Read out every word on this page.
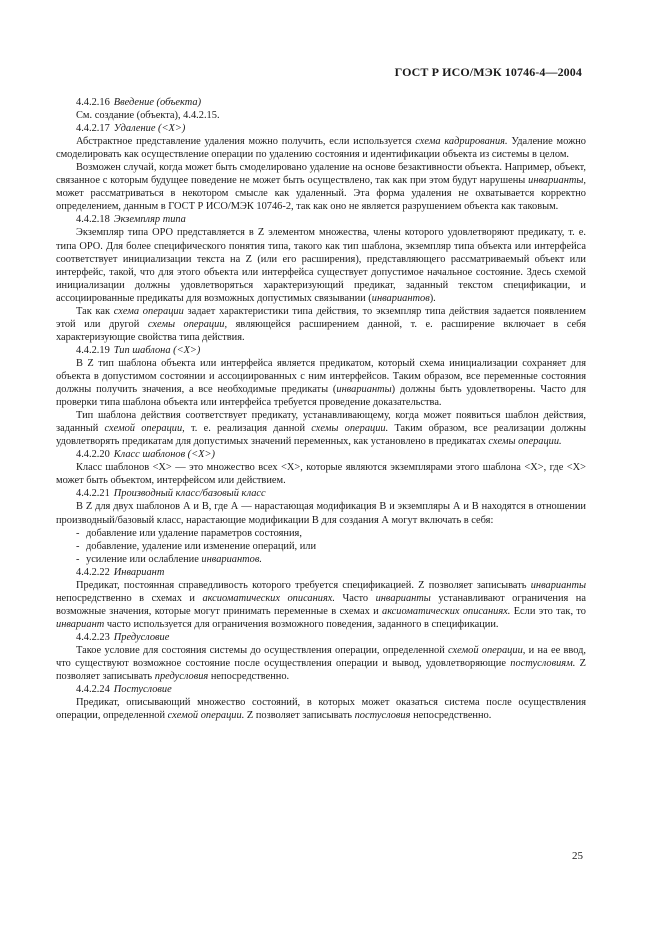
ГОСТ Р ИСО/МЭК 10746-4—2004

4.4.2.16 Введение (объекта)

См. создание (объекта), 4.4.2.15.

4.4.2.17 Удаление (<X>)

Абстрактное представление удаления можно получить, если используется схема кадрирования. Удаление можно смоделировать как осуществление операции по удалению состояния и идентификации объекта из системы в целом.

Возможен случай, когда может быть смоделировано удаление на основе безактивности объекта. Например, объект, связанное с которым будущее поведение не может быть осуществлено, так как при этом будут нарушены инварианты, может рассматриваться в некотором смысле как удаленный. Эта форма удаления не охватывается корректно определением, данным в ГОСТ Р ИСО/МЭК 10746-2, так как оно не является разрушением объекта как таковым.

4.4.2.18 Экземпляр типа

Экземпляр типа ОРО представляется в Z элементом множества, члены которого удовлетворяют предикату, т. е. типа ОРО. Для более специфического понятия типа, такого как тип шаблона, экземпляр типа объекта или интерфейса соответствует инициализации текста на Z (или его расширения), представляющего рассматриваемый объект или интерфейс, такой, что для этого объекта или интерфейса существует допустимое начальное состояние. Здесь схемой инициализации должны удовлетворяться характеризующий предикат, заданный текстом спецификации, и ассоциированные предикаты для возможных допустимых связывании (инвариантов).

Так как схема операции задает характеристики типа действия, то экземпляр типа действия задается появлением этой или другой схемы операции, являющейся расширением данной, т. е. расширение включает в себя характеризующие свойства типа действия.

4.4.2.19 Тип шаблона (<X>)

В Z тип шаблона объекта или интерфейса является предикатом, который схема инициализации сохраняет для объекта в допустимом состоянии и ассоциированных с ним интерфейсов. Таким образом, все переменные состояния должны получить значения, а все необходимые предикаты (инварианты) должны быть удовлетворены. Часто для проверки типа шаблона объекта или интерфейса требуется проведение доказательства.

Тип шаблона действия соответствует предикату, устанавливающему, когда может появиться шаблон действия, заданный схемой операции, т. е. реализация данной схемы операции. Таким образом, все реализации должны удовлетворять предикатам для допустимых значений переменных, как установлено в предикатах схемы операции.

4.4.2.20 Класс шаблонов (<X>)

Класс шаблонов <X> — это множество всех <X>, которые являются экземплярами этого шаблона <X>, где <X> может быть объектом, интерфейсом или действием.

4.4.2.21 Производный класс/базовый класс

В Z для двух шаблонов А и В, где А — нарастающая модификация В и экземпляры А и В находятся в отношении производный/базовый класс, нарастающие модификации В для создания А могут включать в себя:

- добавление или удаление параметров состояния,
- добавление, удаление или изменение операций, или
- усиление или ослабление инвариантов.

4.4.2.22 Инвариант

Предикат, постоянная справедливость которого требуется спецификацией. Z позволяет записывать инварианты непосредственно в схемах и аксиоматических описаниях. Часто инварианты устанавливают ограничения на возможные значения, которые могут принимать переменные в схемах и аксиоматических описаниях. Если это так, то инвариант часто используется для ограничения возможного поведения, заданного в спецификации.

4.4.2.23 Предусловие

Такое условие для состояния системы до осуществления операции, определенной схемой операции, и на ее ввод, что существуют возможное состояние после осуществления операции и вывод, удовлетворяющие постусловиям. Z позволяет записывать предусловия непосредственно.

4.4.2.24 Постусловие

Предикат, описывающий множество состояний, в которых может оказаться система после осуществления операции, определенной схемой операции. Z позволяет записывать постусловия непосредственно.

25
